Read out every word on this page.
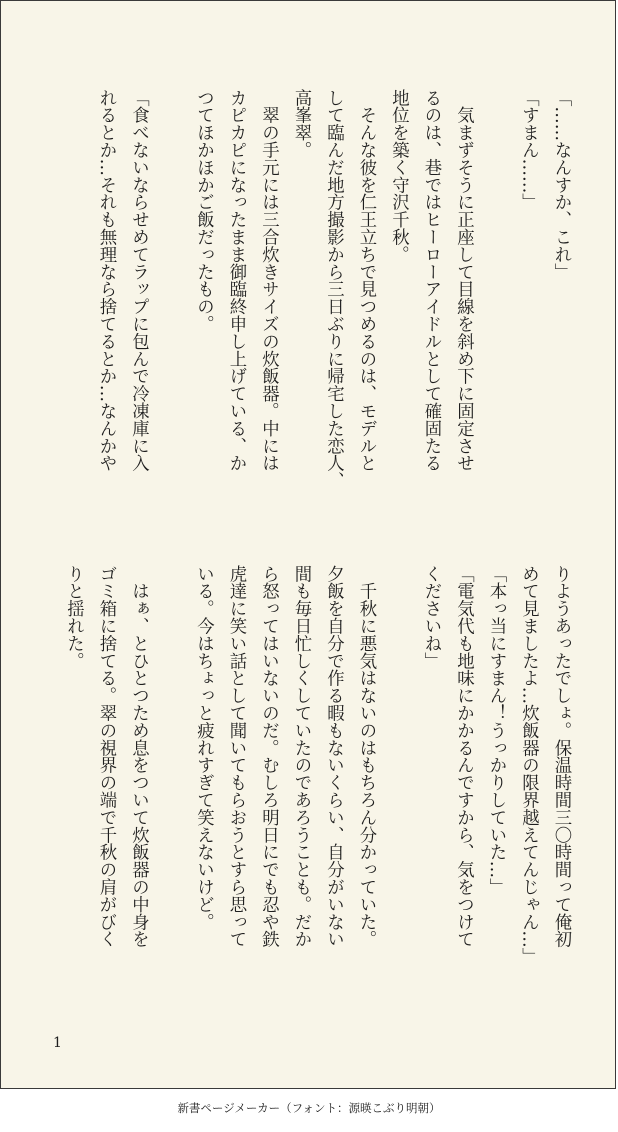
「……なんすか、これ」

「すまん……」

　気まずそうに正座して目線を斜め下に固定させ

るのは、巷ではヒーローアイドルとして確固たる

地位を築く守沢千秋。

　そんな彼を仁王立ちで見つめるのは、モデルと

して臨んだ地方撮影から三日ぶりに帰宅した恋人、

高峯翠。

　翠の手元には三合炊きサイズの炊飯器。中には

カピカピになったまま御臨終申し上げている、か

つてほかほかご飯だったもの。

「食べないならせめてラップに包んで冷凍庫に入

れるとか…それも無理なら捨てるとか…なんかや

りようあったでしょ。保温時間三〇時間って俺初

めて見ましたよ…炊飯器の限界越えてんじゃん…」

「本っ当にすまん！うっかりしていた…」

「電気代も地味にかかるんですから、気をつけて

くださいね」

　千秋に悪気はないのはもちろん分かっていた。

夕飯を自分で作る暇もないくらい、自分がいない

間も毎日忙しくしていたのであろうことも。だか

ら怒ってはいないのだ。むしろ明日にでも忍や鉄

虎達に笑い話として聞いてもらおうとすら思って

いる。今はちょっと疲れすぎて笑えないけど。

　はぁ、とひとつため息をついて炊飯器の中身を

ゴミ箱に捨てる。翠の視界の端で千秋の肩がびく

りと揺れた。

1
新書ページメーカー（フォント：源暎こぶり明朝）
